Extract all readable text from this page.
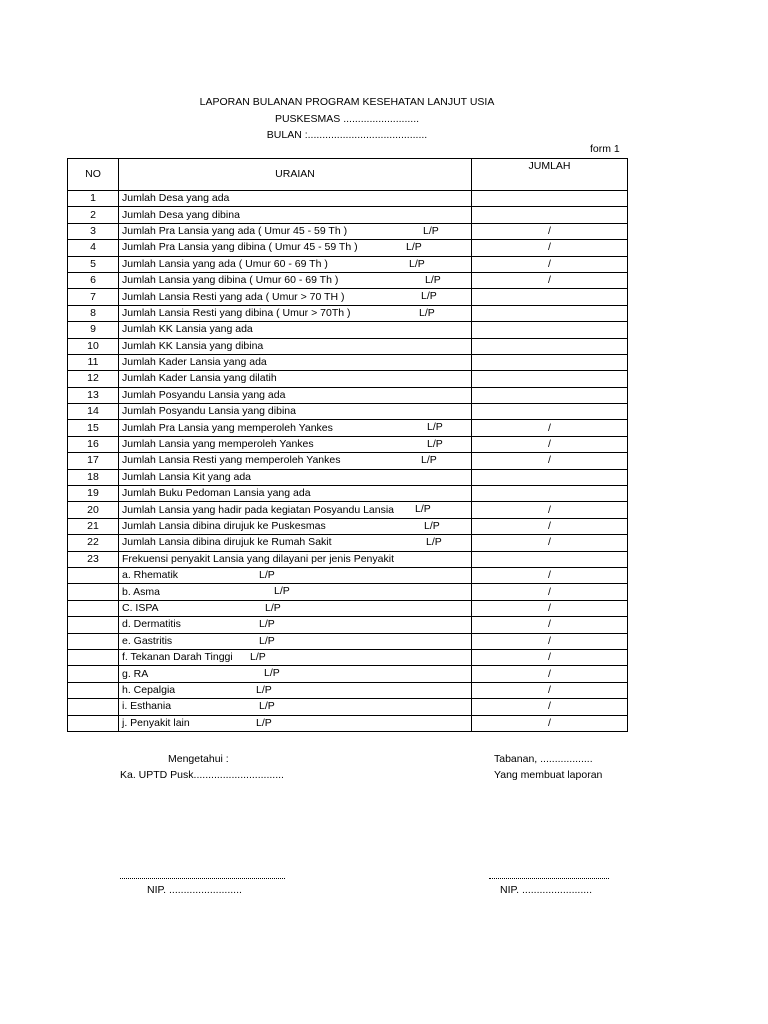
LAPORAN BULANAN PROGRAM KESEHATAN LANJUT USIA
PUSKESMAS ..........................
BULAN :.........................................
form 1
NO	URAIAN	JUMLAH
1	Jumlah Desa yang ada	
2	Jumlah Desa yang dibina	
3	Jumlah Pra Lansia yang ada ( Umur 45 - 59 Th ) L/P	/
4	Jumlah Pra Lansia yang dibina ( Umur 45 - 59 Th ) L/P	/
5	Jumlah Lansia yang ada ( Umur 60 - 69 Th ) L/P	/
6	Jumlah Lansia yang dibina ( Umur 60 - 69 Th ) L/P	/
7	Jumlah Lansia Resti yang ada ( Umur > 70 TH ) L/P	

8	Jumlah Lansia Resti yang dibina ( Umur > 70Th ) L/P	

9	Jumlah KK Lansia yang ada	
10	Jumlah KK Lansia yang dibina	
11	Jumlah Kader Lansia yang ada	
12	Jumlah Kader Lansia yang dilatih	
13	Jumlah Posyandu Lansia yang ada	
14	Jumlah Posyandu Lansia yang dibina	
15	Jumlah Pra Lansia yang memperoleh Yankes L/P	/
16	Jumlah Lansia yang memperoleh Yankes L/P	/
17	Jumlah Lansia Resti yang memperoleh Yankes L/P	/
18	Jumlah Lansia Kit yang ada	
19	Jumlah Buku Pedoman Lansia yang ada	
20	Jumlah Lansia yang hadir pada kegiatan Posyandu Lansia L/P	/
21	Jumlah Lansia dibina dirujuk ke Puskesmas L/P	/
22	Jumlah Lansia dibina dirujuk ke Rumah Sakit L/P	/
23	Frekuensi penyakit Lansia yang dilayani per jenis Penyakit	
	a. Rhematik L/P	/
	b. Asma L/P	/
	C. ISPA L/P	/
	d. Dermatitis L/P	/
	e. Gastritis L/P	/
	f. Tekanan Darah Tinggi L/P	/
	g. RA L/P	/
	h. Cepalgia L/P	/
	i. Esthania L/P	/
	j. Penyakit lain L/P	/
Mengetahui :
Ka. UPTD Pusk...............................
NIP. .........................
Tabanan, ..................
Yang membuat laporan
NIP. ........................
